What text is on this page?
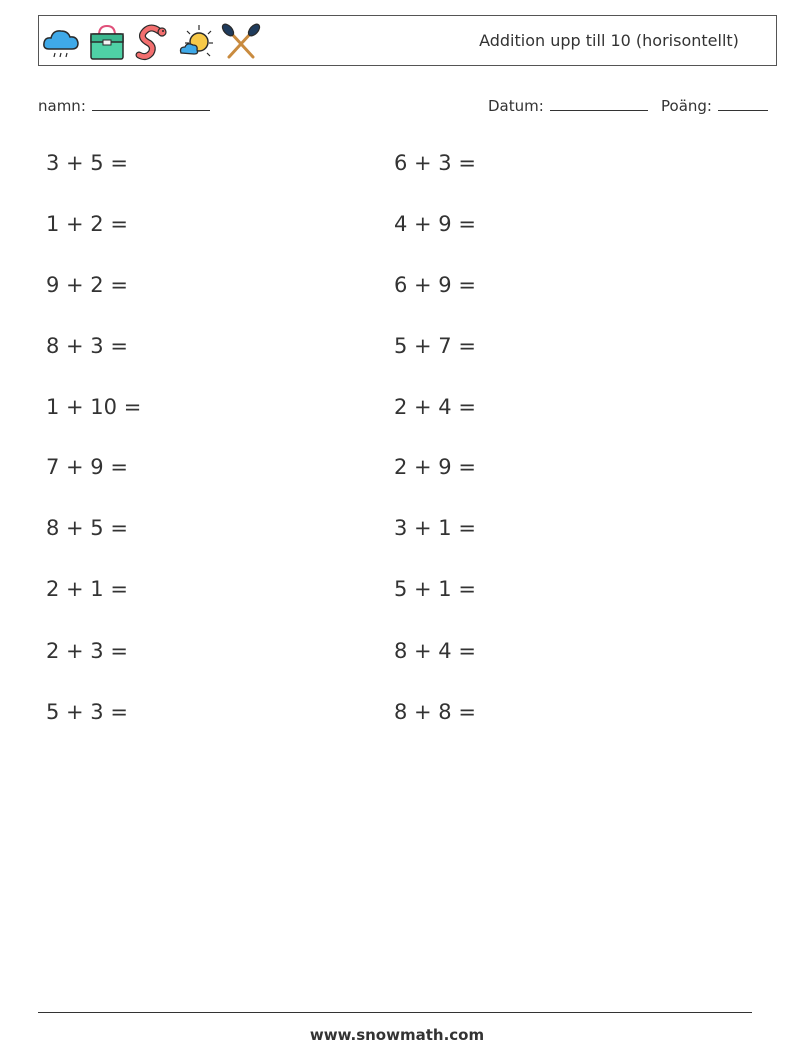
Addition upp till 10 (horisontellt)
namn:	Datum:	Poäng:
3 + 5 =
1 + 2 =
9 + 2 =
8 + 3 =
1 + 10 =
7 + 9 =
8 + 5 =
2 + 1 =
2 + 3 =
5 + 3 =
6 + 3 =
4 + 9 =
6 + 9 =
5 + 7 =
2 + 4 =
2 + 9 =
3 + 1 =
5 + 1 =
8 + 4 =
8 + 8 =
www.snowmath.com
